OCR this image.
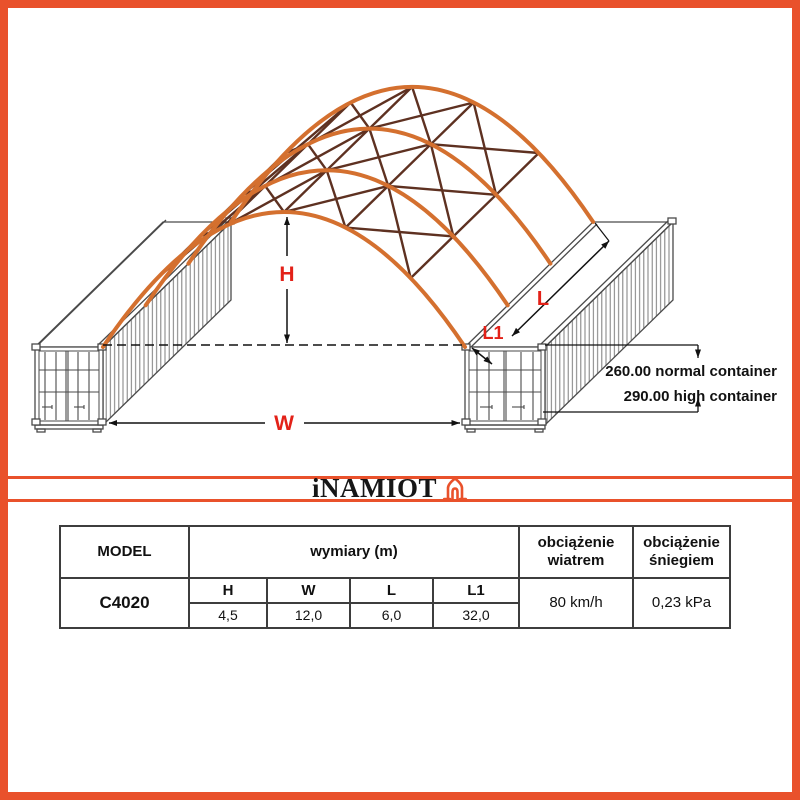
H
W
L
L1
260.00 normal container
290.00 high container
iNAMIOT
MODEL	wymiary (m)				obciążenie wiatrem	obciążenie śniegiem
C4020	H	W	L	L1	80 km/h	0,23 kPa
	4,5	12,0	6,0	32,0		
